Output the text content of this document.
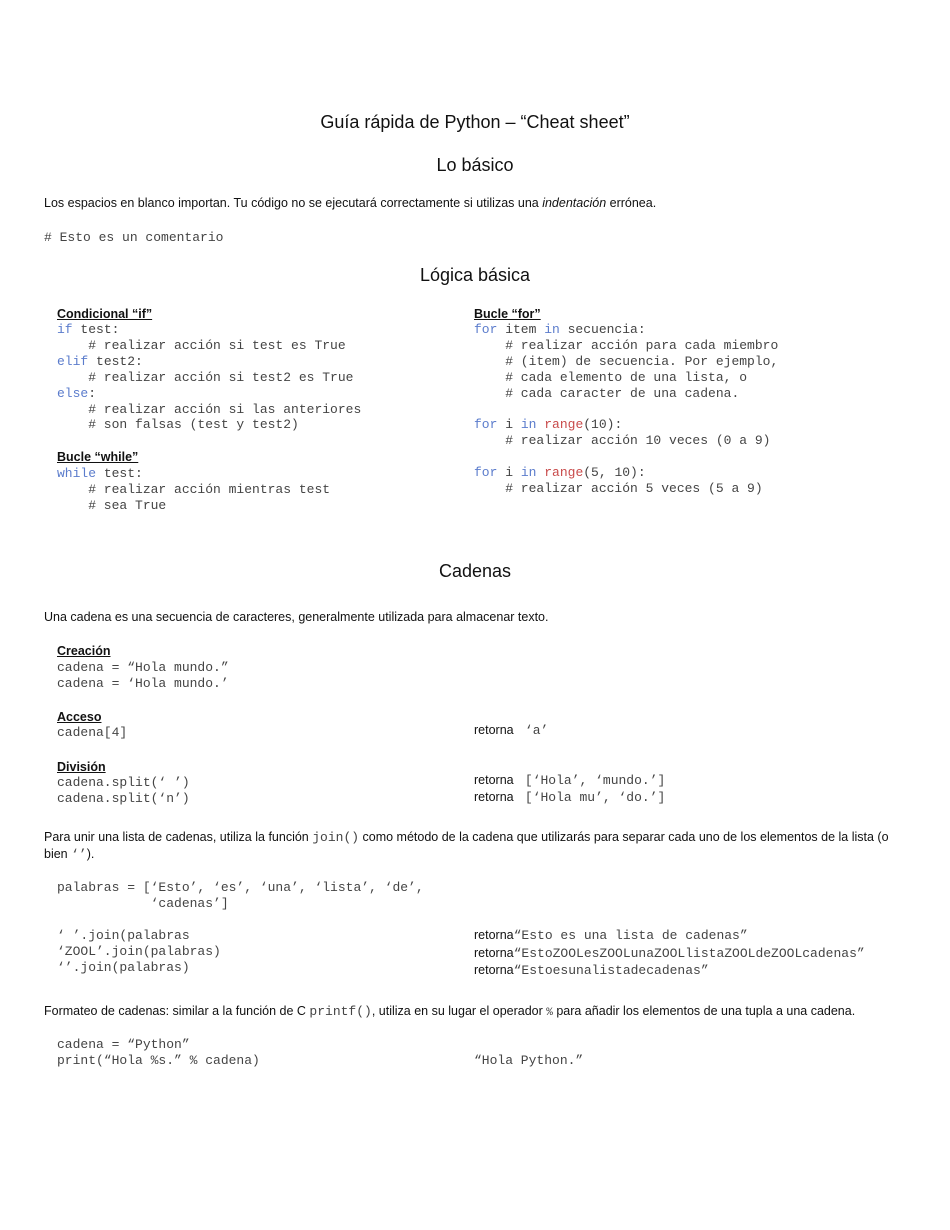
Guía rápida de Python – “Cheat sheet”
Lo básico
Los espacios en blanco importan. Tu código no se ejecutará correctamente si utilizas una indentación errónea.
# Esto es un comentario
Lógica básica
Condicional “if”
if test:
# realizar acción si test es True
elif test2:
# realizar acción si test2 es True
else:
# realizar acción si las anteriores
# son falsas (test y test2)
Bucle “while”
while test:
# realizar acción mientras test
# sea True
Bucle “for”
for item in secuencia:
# realizar acción para cada miembro
# (item) de secuencia. Por ejemplo,
# cada elemento de una lista, o
# cada caracter de una cadena.

for i in range(10):
# realizar acción 10 veces (0 a 9)

for i in range(5, 10):
# realizar acción 5 veces (5 a 9)
Cadenas
Una cadena es una secuencia de caracteres, generalmente utilizada para almacenar texto.
Creación
cadena = “Hola mundo.”
cadena = ‘Hola mundo.’
Acceso
cadena[4]	retorna  ‘a’
División
cadena.split(‘ ’)
cadena.split(‘n’)
retorna  [‘Hola’, ‘mundo.’]
retorna  [‘Hola mu’, ‘do.’]
Para unir una lista de cadenas, utiliza la función join() como método de la cadena que utilizarás para separar cada uno de los elementos de la lista (o bien ‘’).
palabras = [‘Esto’, ‘es’, ‘una’, ‘lista’, ‘de’,
‘cadenas’]
‘ ’.join(palabras
‘ZOOL’.join(palabras)
‘’.join(palabras)
retorna“Esto es una lista de cadenas”
retorna“EstoZOOLesZOOLunaZOOLlistaZOOLdeZOOLcadenas”
retorna“Estoesunalistadecadenas”
Formateo de cadenas: similar a la función de C printf(), utiliza en su lugar el operador % para añadir los elementos de una tupla a una cadena.
cadena = “Python”
print(“Hola %s.” % cadena)	“Hola Python.”
